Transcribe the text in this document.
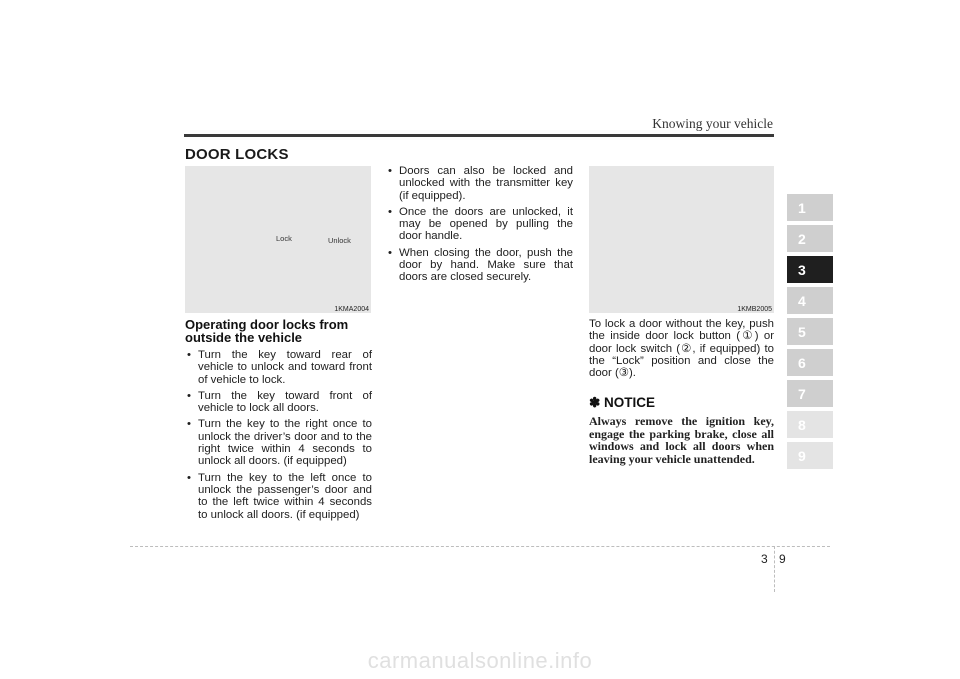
Knowing your vehicle
DOOR LOCKS
Lock	Unlock
1KMA2004
Operating door locks from outside the vehicle
• Turn the key toward rear of vehicle to unlock and toward front of vehicle to lock.
• Turn the key toward front of vehicle to lock all doors.
• Turn the key to the right once to unlock the driver’s door and to the right twice within 4 seconds to unlock all doors. (if equipped)
• Turn the key to the left once to unlock the passenger’s door and to the left twice within 4 seconds to unlock all doors. (if equipped)
• Doors can also be locked and unlocked with the transmitter key (if equipped).
• Once the doors are unlocked, it may be opened by pulling the door handle.
• When closing the door, push the door by hand. Make sure that doors are closed securely.
1KMB2005
To lock a door without the key, push the inside door lock button (①) or door lock switch (②, if equipped) to the “Lock” position and close the door (③).
✽ NOTICE
Always remove the ignition key, engage the parking brake, close all windows and lock all doors when leaving your vehicle unattended.
1
2
3
4
5
6
7
8
9
3 9
carmanualsonline.info
